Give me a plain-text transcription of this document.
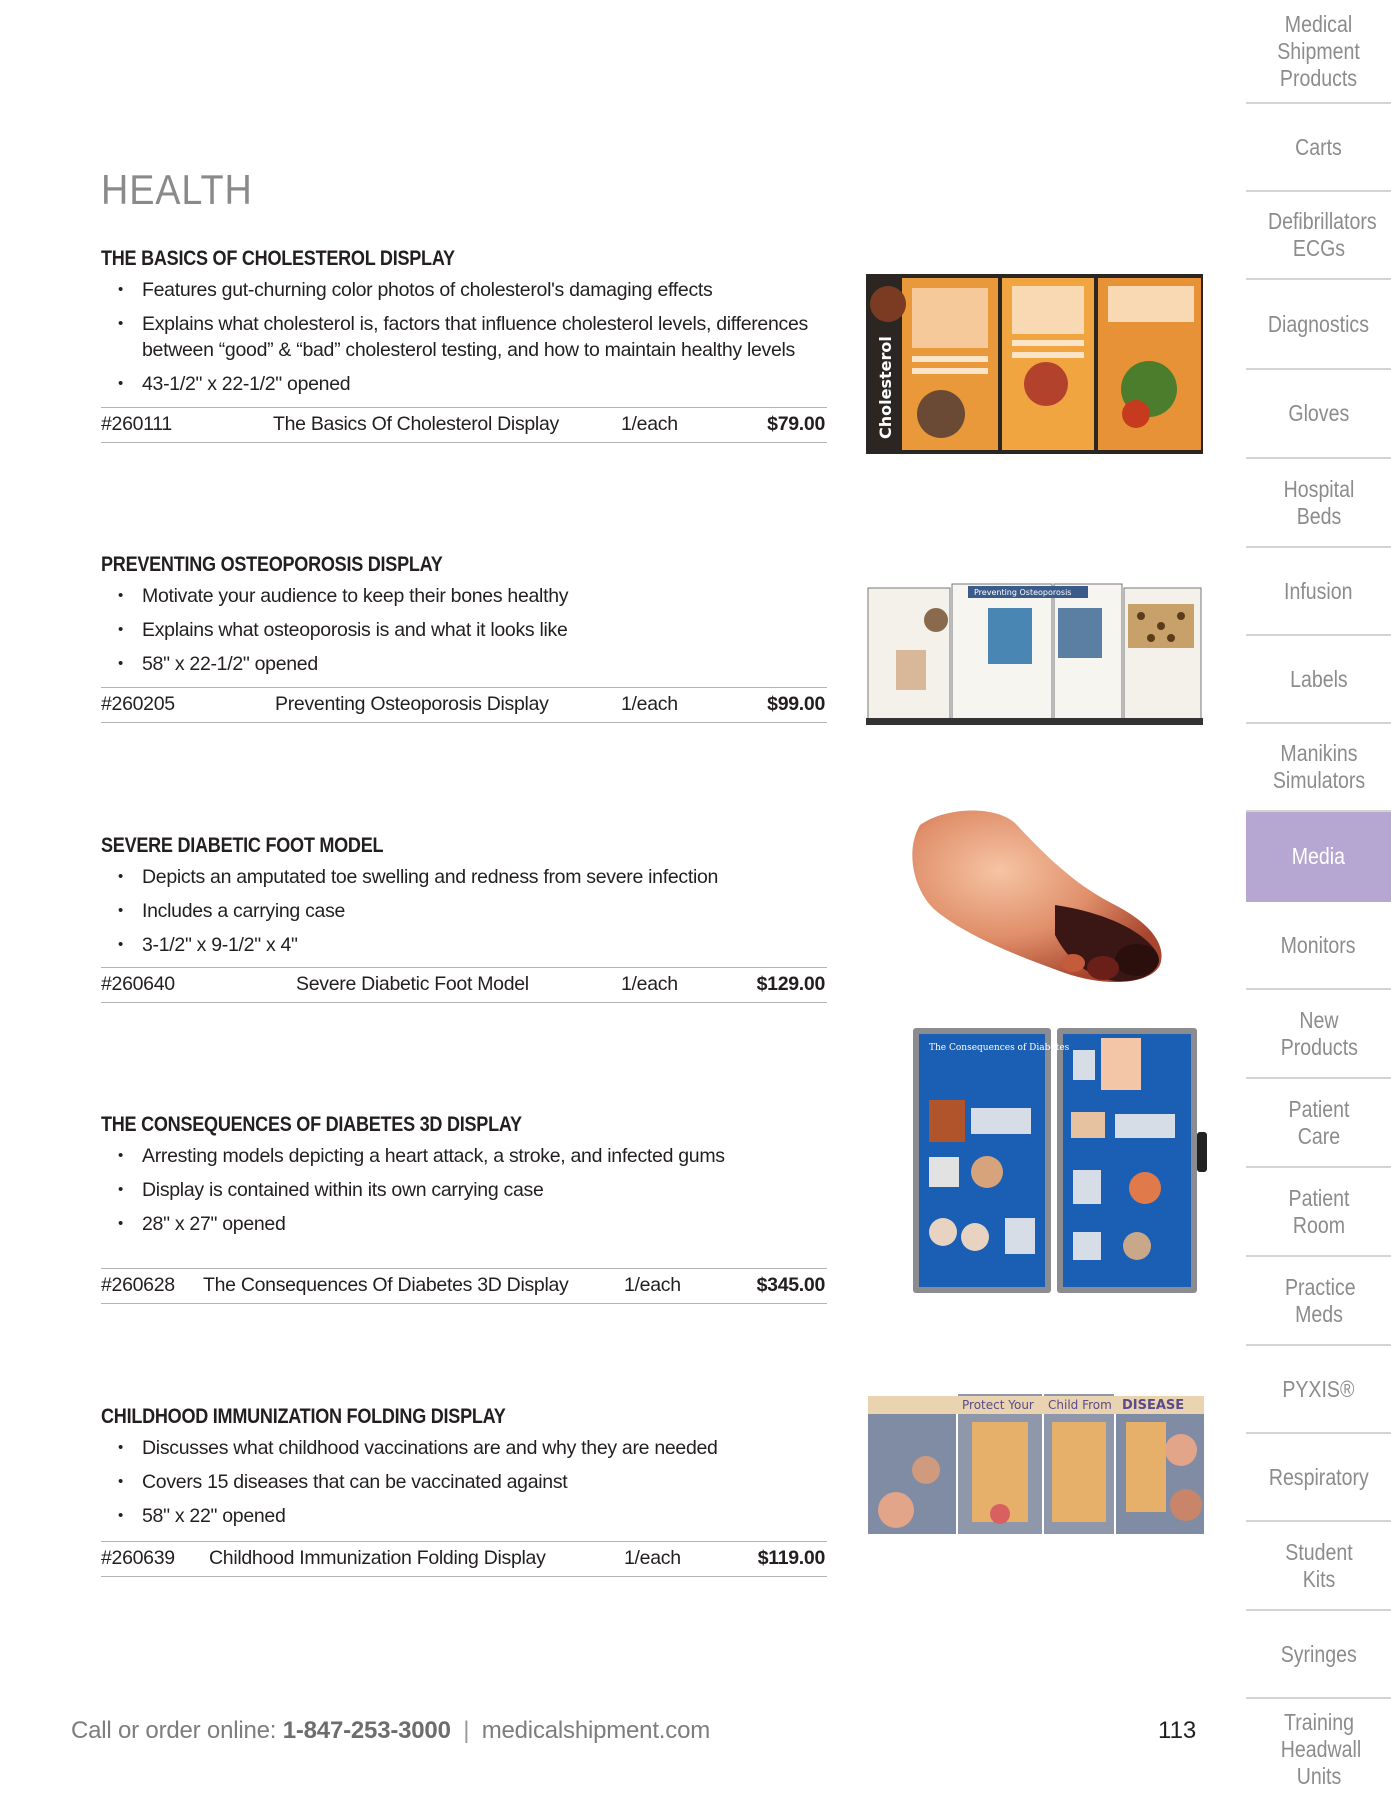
HEALTH
THE BASICS OF CHOLESTEROL DISPLAY
• Features gut-churning color photos of cholesterol's damaging effects
• Explains what cholesterol is, factors that influence cholesterol levels, differences between “good” & “bad” cholesterol testing, and how to maintain healthy levels
• 43-1/2" x 22-1/2" opened
#260111	The Basics Of Cholesterol Display	1/each	$79.00
PREVENTING OSTEOPOROSIS DISPLAY
• Motivate your audience to keep their bones healthy
• Explains what osteoporosis is and what it looks like
• 58" x 22-1/2" opened
#260205	Preventing Osteoporosis Display	1/each	$99.00
SEVERE DIABETIC FOOT MODEL
• Depicts an amputated toe swelling and redness from severe infection
• Includes a carrying case
• 3-1/2" x 9-1/2" x 4"
#260640	Severe Diabetic Foot Model	1/each	$129.00
THE CONSEQUENCES OF DIABETES 3D DISPLAY
• Arresting models depicting a heart attack, a stroke, and infected gums
• Display is contained within its own carrying case
• 28" x 27" opened
#260628 The Consequences Of Diabetes 3D Display	1/each	$345.00
CHILDHOOD IMMUNIZATION FOLDING DISPLAY
• Discusses what childhood vaccinations are and why they are needed
• Covers 15 diseases that can be vaccinated against
• 58" x 22" opened
#260639 Childhood Immunization Folding Display	1/each	$119.00
Cholesterol
Preventing Osteoporosis
The Consequences of Diabetes
Protect Your Child From DISEASE
Medical Shipment Products
Carts
Defibrillators ECGs
Diagnostics
Gloves
Hospital Beds
Infusion
Labels
Manikins Simulators
Media
Monitors
New Products
Patient Care
Patient Room
Practice Meds
PYXIS®
Respiratory
Student Kits
Syringes
Training Headwall Units
Call or order online: 1-847-253-3000 | medicalshipment.com	113
